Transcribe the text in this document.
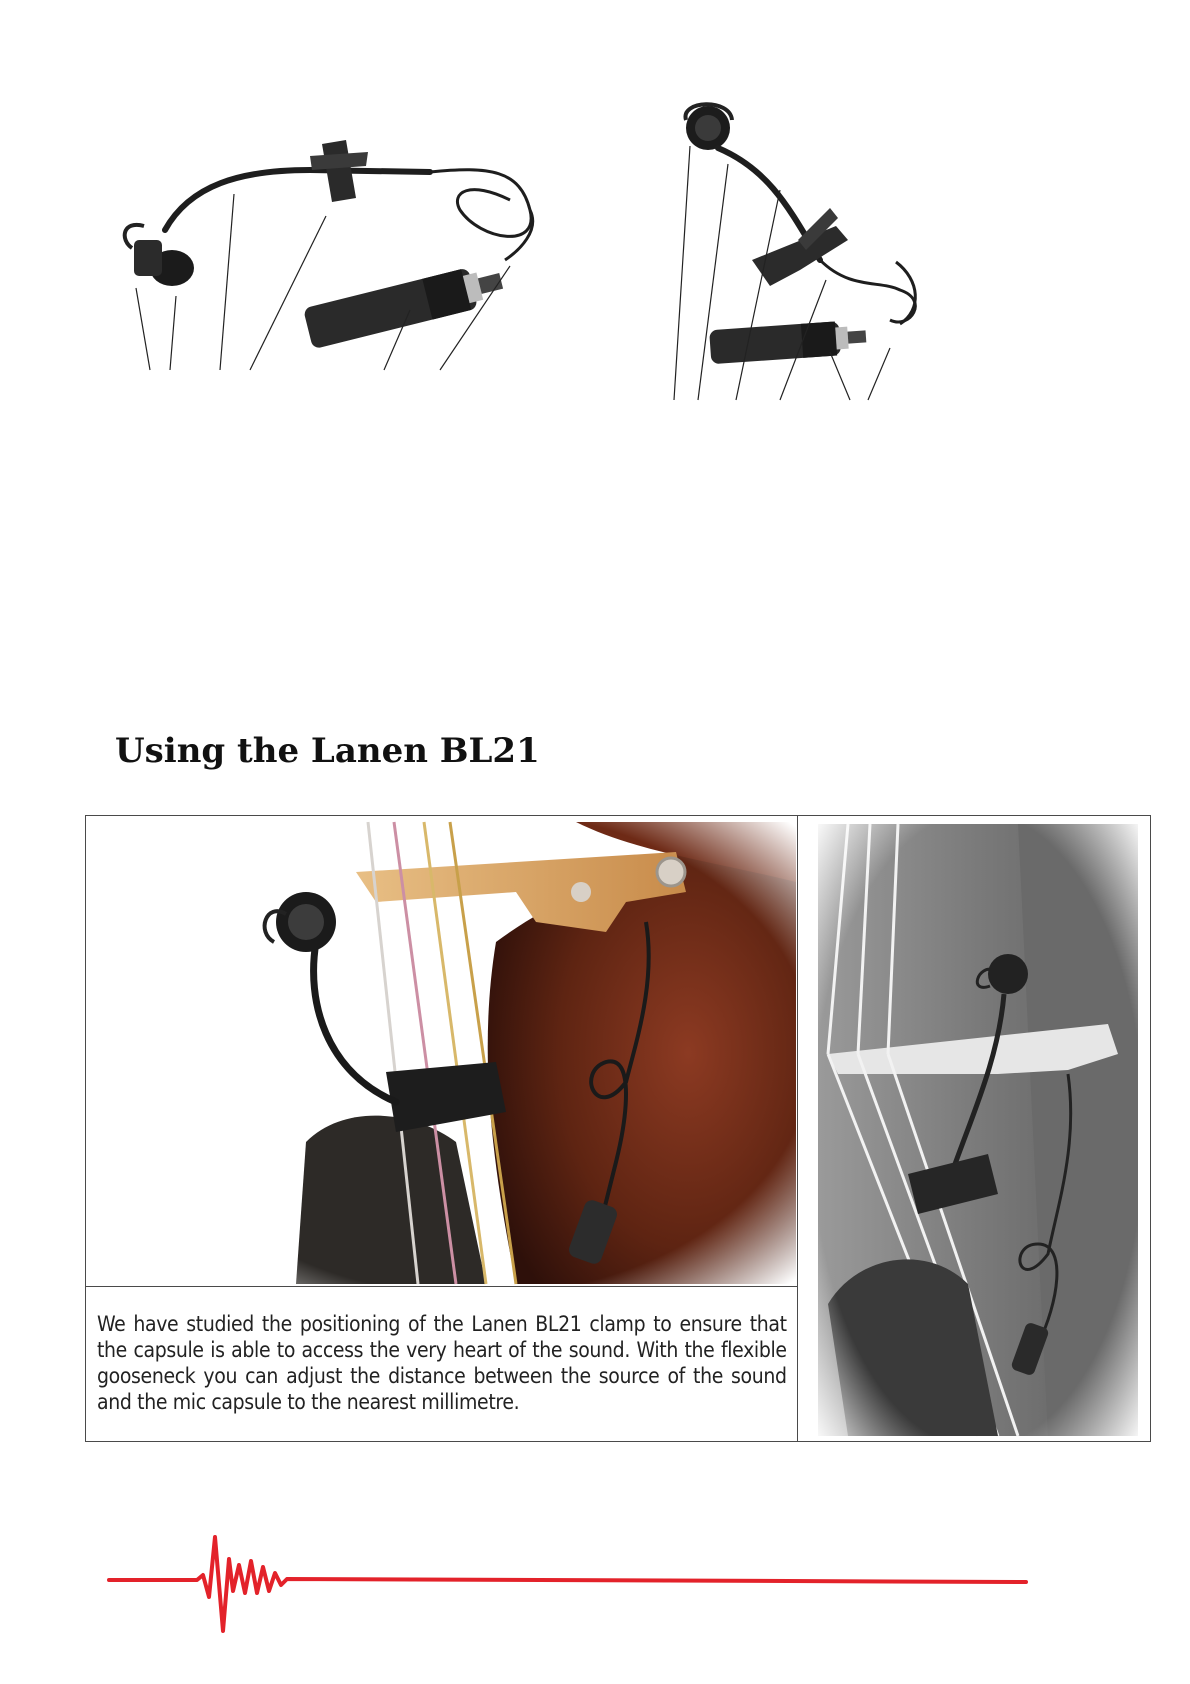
Using the Lanen BL21

We have studied the positioning of the Lanen BL21 clamp to ensure that the capsule is able to access the very heart of the sound. With the flexible gooseneck you can adjust the distance between the source of the sound and the mic capsule to the nearest millimetre.
